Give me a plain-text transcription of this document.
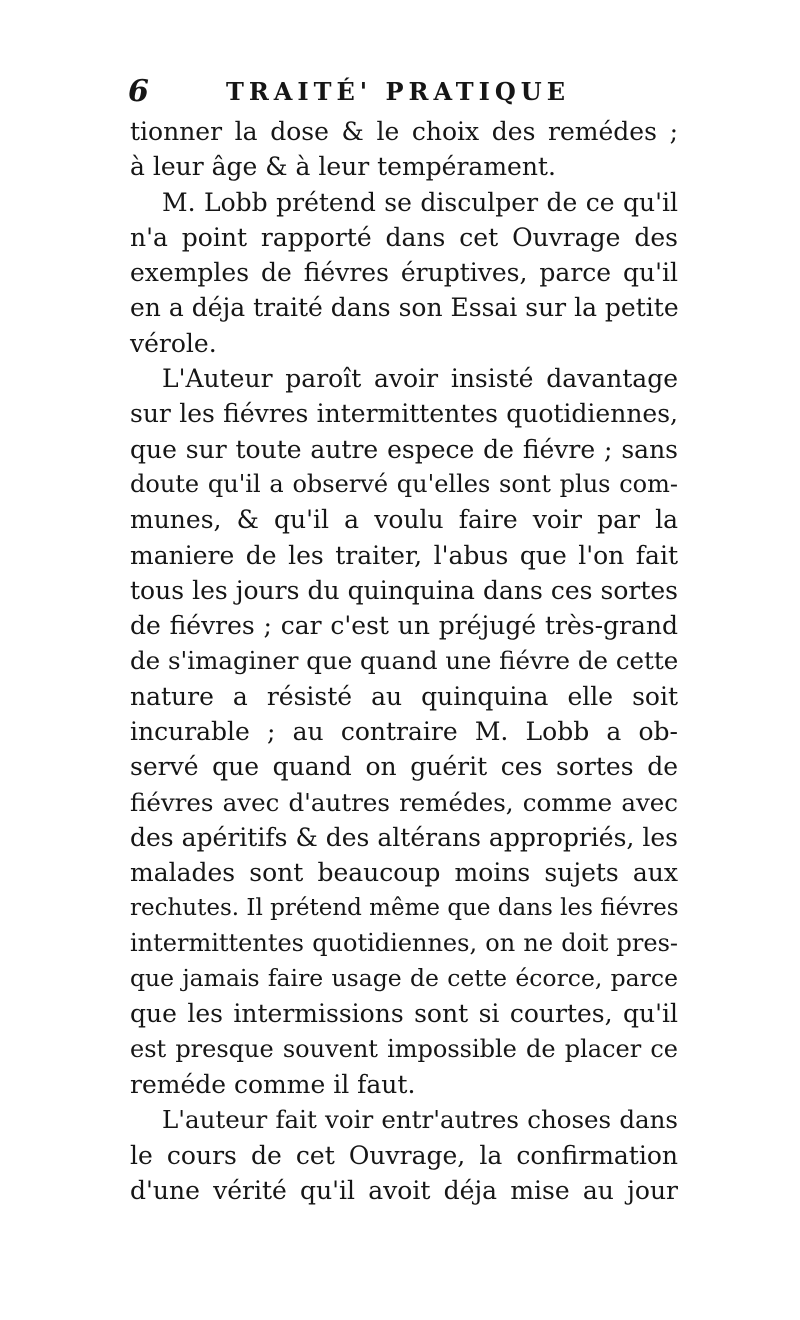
6	TRAITÉ' PRATIQUE
tionner la dose & le choix des remédes ;
à leur âge & à leur tempérament.
M. Lobb prétend se disculper de ce qu'il
n'a point rapporté dans cet Ouvrage des
exemples de fiévres éruptives, parce qu'il
en a déja traité dans son Essai sur la petite
vérole.
L'Auteur paroît avoir insisté davantage
sur les fiévres intermittentes quotidiennes,
que sur toute autre espece de fiévre ; sans
doute qu'il a observé qu'elles sont plus com-
munes, & qu'il a voulu faire voir par la
maniere de les traiter, l'abus que l'on fait
tous les jours du quinquina dans ces sortes
de fiévres ; car c'est un préjugé très-grand
de s'imaginer que quand une fiévre de cette
nature a résisté au quinquina elle soit
incurable ; au contraire M. Lobb a ob-
servé que quand on guérit ces sortes de
fiévres avec d'autres remédes, comme avec
des apéritifs & des altérans appropriés, les
malades sont beaucoup moins sujets aux
rechutes. Il prétend même que dans les fiévres
intermittentes quotidiennes, on ne doit pres-
que jamais faire usage de cette écorce, parce
que les intermissions sont si courtes, qu'il
est presque souvent impossible de placer ce
reméde comme il faut.
L'auteur fait voir entr'autres choses dans
le cours de cet Ouvrage, la confirmation
d'une vérité qu'il avoit déja mise au jour
